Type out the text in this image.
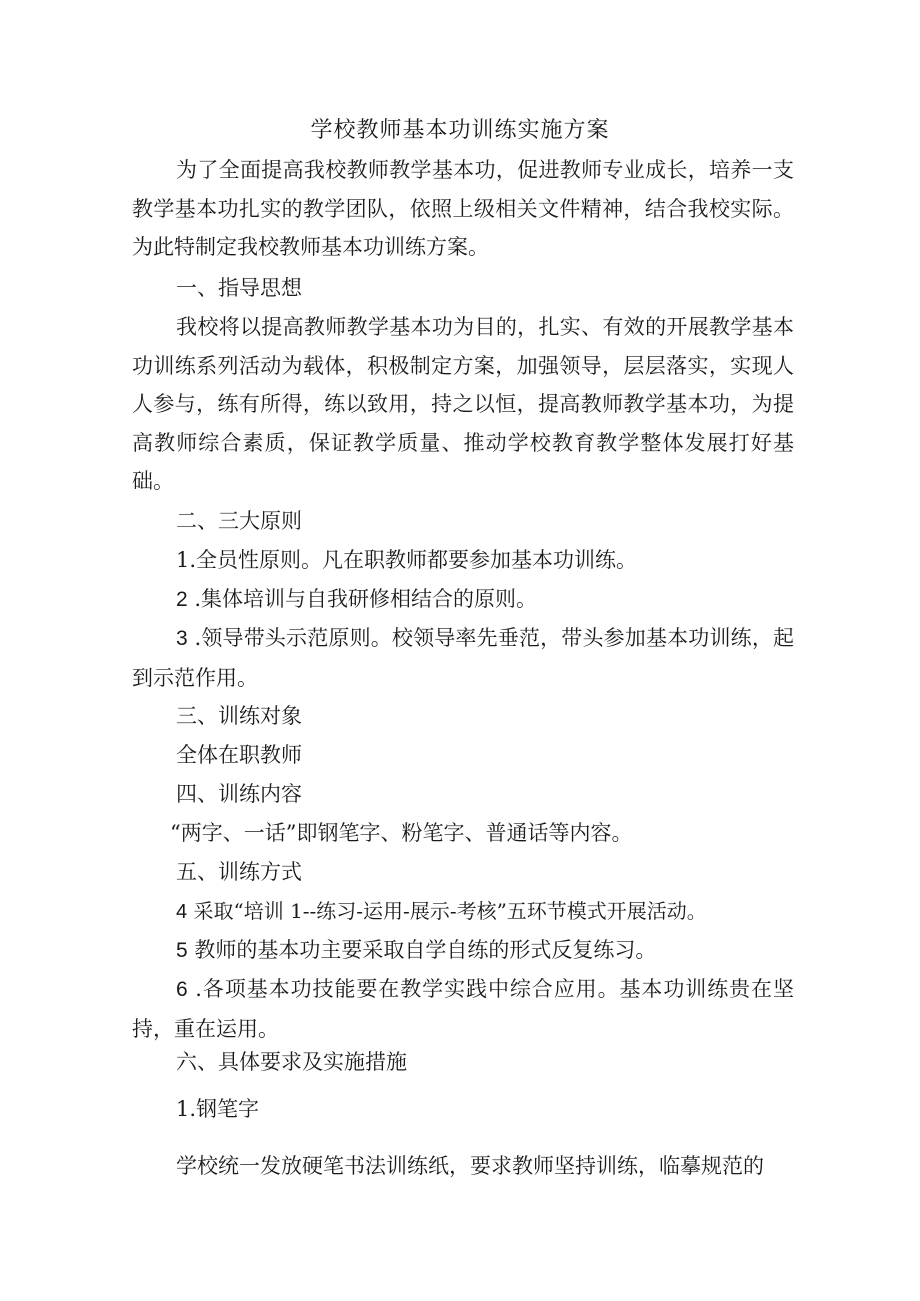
学校教师基本功训练实施方案
为了全面提高我校教师教学基本功，促进教师专业成长，培养一支教学基本功扎实的教学团队，依照上级相关文件精神，结合我校实际。为此特制定我校教师基本功训练方案。
一、指导思想
我校将以提高教师教学基本功为目的，扎实、有效的开展教学基本功训练系列活动为载体，积极制定方案，加强领导，层层落实，实现人人参与，练有所得，练以致用，持之以恒，提高教师教学基本功，为提高教师综合素质，保证教学质量、推动学校教育教学整体发展打好基础。
二、三大原则
1.全员性原则。凡在职教师都要参加基本功训练。
2 .集体培训与自我研修相结合的原则。
3 .领导带头示范原则。校领导率先垂范，带头参加基本功训练，起到示范作用。
三、训练对象
全体在职教师
四、训练内容
“两字、一话”即钢笔字、粉笔字、普通话等内容。
五、训练方式
4 采取“培训 1--练习-运用-展示-考核”五环节模式开展活动。
5 教师的基本功主要采取自学自练的形式反复练习。
6 .各项基本功技能要在教学实践中综合应用。基本功训练贵在坚持，重在运用。
六、具体要求及实施措施
1.钢笔字
学校统一发放硬笔书法训练纸，要求教师坚持训练，临摹规范的
